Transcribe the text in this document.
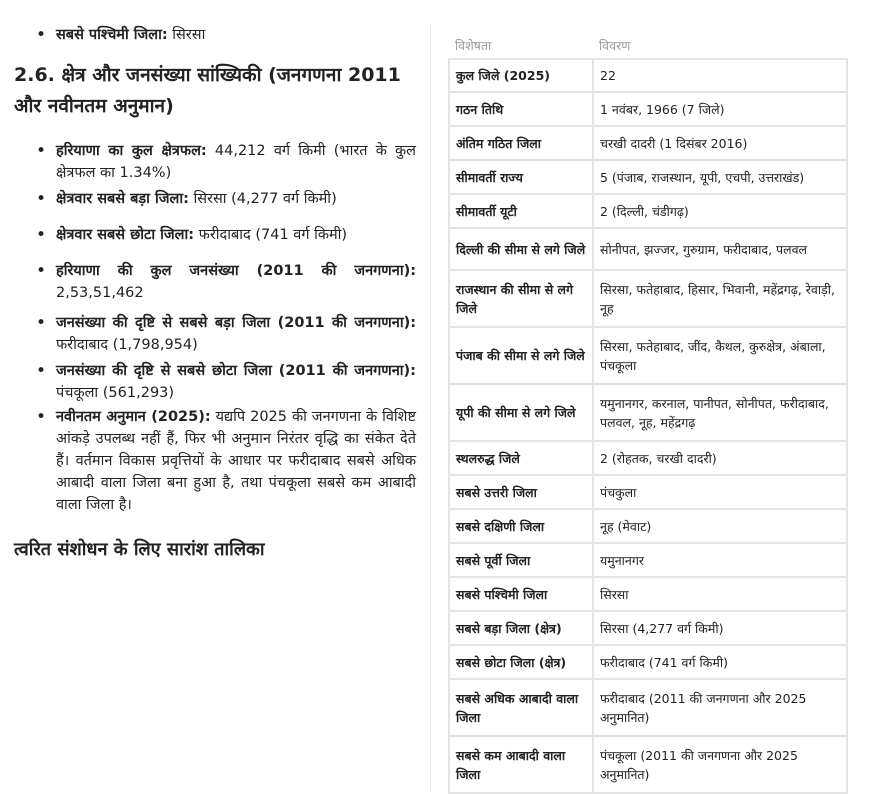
• सबसे पश्चिमी जिला: सिरसा
2.6. क्षेत्र और जनसंख्या सांख्यिकी (जनगणना 2011 और नवीनतम अनुमान)
• हरियाणा का कुल क्षेत्रफल: 44,212 वर्ग किमी (भारत के कुल क्षेत्रफल का 1.34%)
• क्षेत्रवार सबसे बड़ा जिला: सिरसा (4,277 वर्ग किमी)
• क्षेत्रवार सबसे छोटा जिला: फरीदाबाद (741 वर्ग किमी)
• हरियाणा की कुल जनसंख्या (2011 की जनगणना): 2,53,51,462
• जनसंख्या की दृष्टि से सबसे बड़ा जिला (2011 की जनगणना): फरीदाबाद (1,798,954)
• जनसंख्या की दृष्टि से सबसे छोटा जिला (2011 की जनगणना): पंचकूला (561,293)
• नवीनतम अनुमान (2025): यद्यपि 2025 की जनगणना के विशिष्ट आंकड़े उपलब्ध नहीं हैं, फिर भी अनुमान निरंतर वृद्धि का संकेत देते हैं। वर्तमान विकास प्रवृत्तियों के आधार पर फरीदाबाद सबसे अधिक आबादी वाला जिला बना हुआ है, तथा पंचकूला सबसे कम आबादी वाला जिला है।
त्वरित संशोधन के लिए सारांश तालिका
विशेषता	विवरण
कुल जिले (2025)	22
गठन तिथि	1 नवंबर, 1966 (7 जिले)
अंतिम गठित जिला	चरखी दादरी (1 दिसंबर 2016)
सीमावर्ती राज्य	5 (पंजाब, राजस्थान, यूपी, एचपी, उत्तराखंड)
सीमावर्ती यूटी	2 (दिल्ली, चंडीगढ़)
दिल्ली की सीमा से लगे जिले	सोनीपत, झज्जर, गुरुग्राम, फरीदाबाद, पलवल
राजस्थान की सीमा से लगे जिले	सिरसा, फतेहाबाद, हिसार, भिवानी, महेंद्रगढ़, रेवाड़ी, नूह
पंजाब की सीमा से लगे जिले	सिरसा, फतेहाबाद, जींद, कैथल, कुरुक्षेत्र, अंबाला, पंचकूला
यूपी की सीमा से लगे जिले	यमुनानगर, करनाल, पानीपत, सोनीपत, फरीदाबाद, पलवल, नूह, महेंद्रगढ़
स्थलरुद्ध जिले	2 (रोहतक, चरखी दादरी)
सबसे उत्तरी जिला	पंचकुला
सबसे दक्षिणी जिला	नूह (मेवाट)
सबसे पूर्वी जिला	यमुनानगर
सबसे पश्चिमी जिला	सिरसा
सबसे बड़ा जिला (क्षेत्र)	सिरसा (4,277 वर्ग किमी)
सबसे छोटा जिला (क्षेत्र)	फरीदाबाद (741 वर्ग किमी)
सबसे अधिक आबादी वाला जिला	फरीदाबाद (2011 की जनगणना और 2025 अनुमानित)
सबसे कम आबादी वाला जिला	पंचकूला (2011 की जनगणना और 2025 अनुमानित)
